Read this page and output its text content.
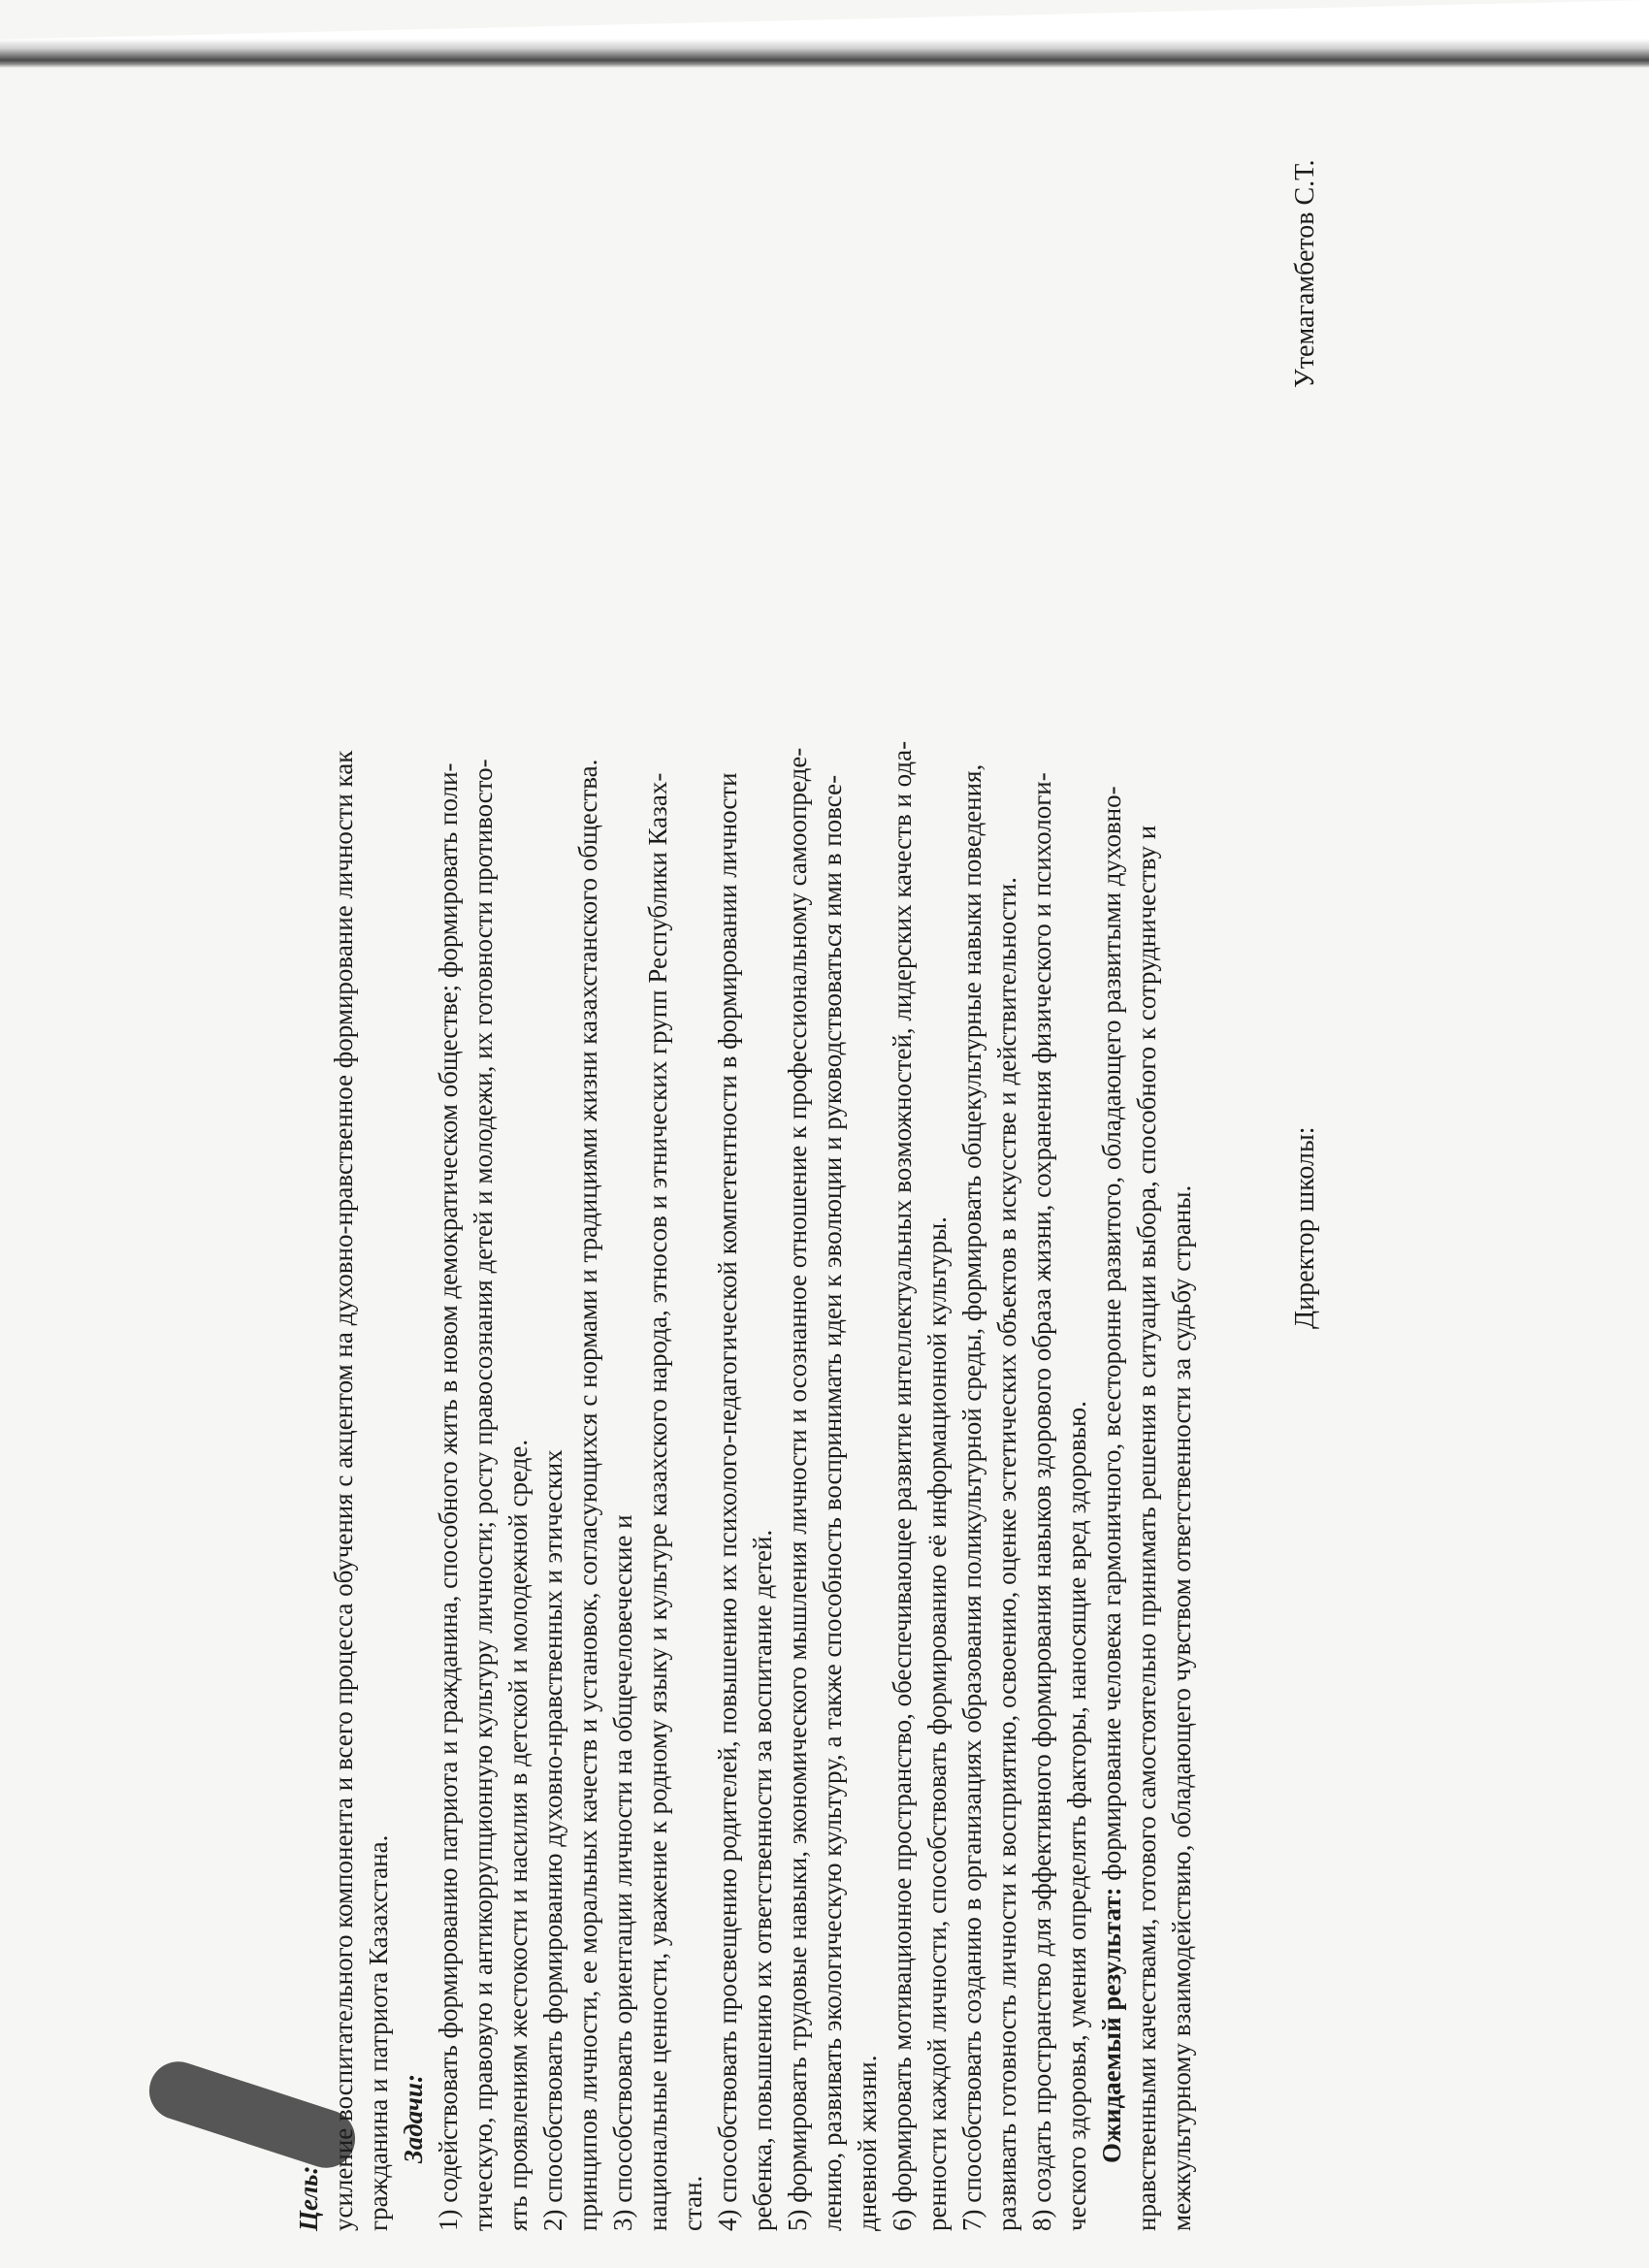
Цель: усиление воспитательного компонента и всего процесса обучения с акцентом на духовно-нравственное формирование личности как гражданина и патриота Казахстана. Задачи: 1) содействовать формированию патриота и гражданина, способного жить в новом демократическом обществе; формировать поли- тическую, правовую и антикоррупционную культуру личности; росту правосознания детей и молодежи, их готовности противосто- ять проявлениям жестокости и насилия в детской и молодежной среде. 2) способствовать формированию духовно-нравственных и этических принципов личности, ее моральных качеств и установок, согласующихся с нормами и традициями жизни казахстанского общества. 3) способствовать ориентации личности на общечеловеческие и национальные ценности, уважение к родному языку и культуре казахского народа, этносов и этнических групп Республики Казах- стан. 4) способствовать просвещению родителей, повышению их психолого-педагогической компетентности в формировании личности ребенка, повышению их ответственности за воспитание детей. 5) формировать трудовые навыки, экономического мышления личности и осознанное отношение к профессиональному самоопреде- лению, развивать экологическую культуру, а также способность воспринимать идеи к эволюции и руководствоваться ими в повсе- дневной жизни. 6) формировать мотивационное пространство, обеспечивающее развитие интеллектуальных возможностей, лидерских качеств и ода- ренности каждой личности, способствовать формированию её информационной культуры. 7) способствовать созданию в организациях образования поликультурной среды, формировать общекультурные навыки поведения, развивать готовность личности к восприятию, освоению, оценке эстетических объектов в искусстве и действительности. 8) создать пространство для эффективного формирования навыков здорового образа жизни, сохранения физического и психологи- ческого здоровья, умения определять факторы, наносящие вред здоровью. Ожидаемый результат: формирование человека гармоничного, всесторонне развитого, обладающего развитыми духовно- нравственными качествами, готового самостоятельно принимать решения в ситуации выбора, способного к сотрудничеству и межкультурному взаимодействию, обладающего чувством ответственности за судьбу страны.	Директор школы:
Утемагамбетов С.Т.
